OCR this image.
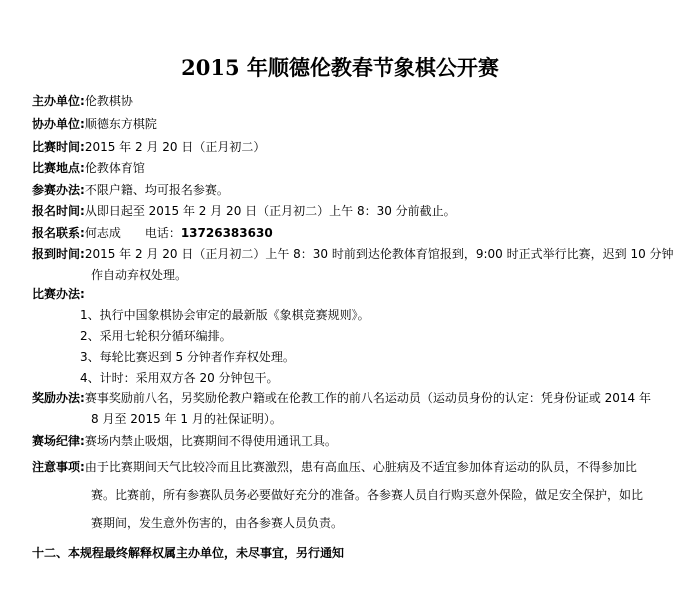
2015 年顺德伦教春节象棋公开赛
主办单位:伦教棋协
协办单位:顺德东方棋院
比赛时间:2015 年 2 月 20 日（正月初二）
比赛地点:伦教体育馆
参赛办法:不限户籍、均可报名参赛。
报名时间:从即日起至 2015 年 2 月 20 日（正月初二）上午 8：30 分前截止。
报名联系:何志成　　电话：13726383630
报到时间:2015 年 2 月 20 日（正月初二）上午 8：30 时前到达伦教体育馆报到，9:00 时正式举行比赛，迟到 10 分钟
作自动弃权处理。
比赛办法:
1、执行中国象棋协会审定的最新版《象棋竞赛规则》。
2、采用七轮积分循环编排。
3、每轮比赛迟到 5 分钟者作弃权处理。
4、计时：采用双方各 20 分钟包干。
奖励办法:赛事奖励前八名，另奖励伦教户籍或在伦教工作的前八名运动员（运动员身份的认定：凭身份证或 2014 年
8 月至 2015 年 1 月的社保证明）。
赛场纪律:赛场内禁止吸烟，比赛期间不得使用通讯工具。
注意事项:由于比赛期间天气比较冷而且比赛激烈，患有高血压、心脏病及不适宜参加体育运动的队员，不得参加比
赛。比赛前，所有参赛队员务必要做好充分的准备。各参赛人员自行购买意外保险，做足安全保护，如比
赛期间，发生意外伤害的，由各参赛人员负责。
十二、本规程最终解释权属主办单位，未尽事宜，另行通知
